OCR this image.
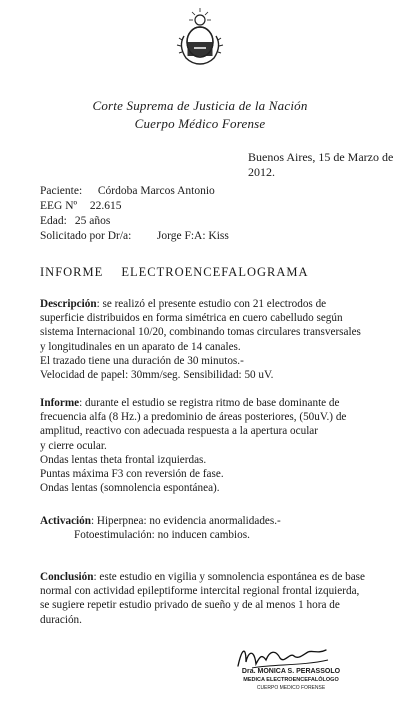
Corte Suprema de Justicia de la Nación
Cuerpo Médico Forense
Buenos Aires, 15 de Marzo de 2012.
Paciente: Córdoba Marcos Antonio
EEG Nº 22.615
Edad: 25 años
Solicitado por Dr/a: Jorge F:A: Kiss
INFORME ELECTROENCEFALOGRAMA

Descripción: se realizó el presente estudio con 21 electrodos de

superficie distribuidos en forma simétrica en cuero cabelludo según

sistema Internacional 10/20, combinando tomas circulares transversales

y longitudinales en un aparato de 14 canales.

El trazado tiene una duración de 30 minutos.-

Velocidad de papel: 30mm/seg. Sensibilidad: 50 uV.

Informe: durante el estudio se registra ritmo de base dominante de

frecuencia alfa (8 Hz.) a predominio de áreas posteriores, (50uV.) de

amplitud, reactivo con adecuada respuesta a la apertura ocular

y cierre ocular.

Ondas lentas theta frontal izquierdas.

Puntas máxima F3 con reversión de fase.

Ondas lentas (somnolencia espontánea).

Activación: Hiperpnea: no evidencia anormalidades.-

Fotoestimulación: no inducen cambios.

Conclusión: este estudio en vigilia y somnolencia espontánea es de base

normal con actividad epileptiforme intercital regional frontal izquierda,

se sugiere repetir estudio privado de sueño y de al menos 1 hora de

duración.

Dra. MONICA S. PERASSOLO
MEDICA ELECTROENCEFALÓLOGO
CUERPO MEDICO FORENSE
